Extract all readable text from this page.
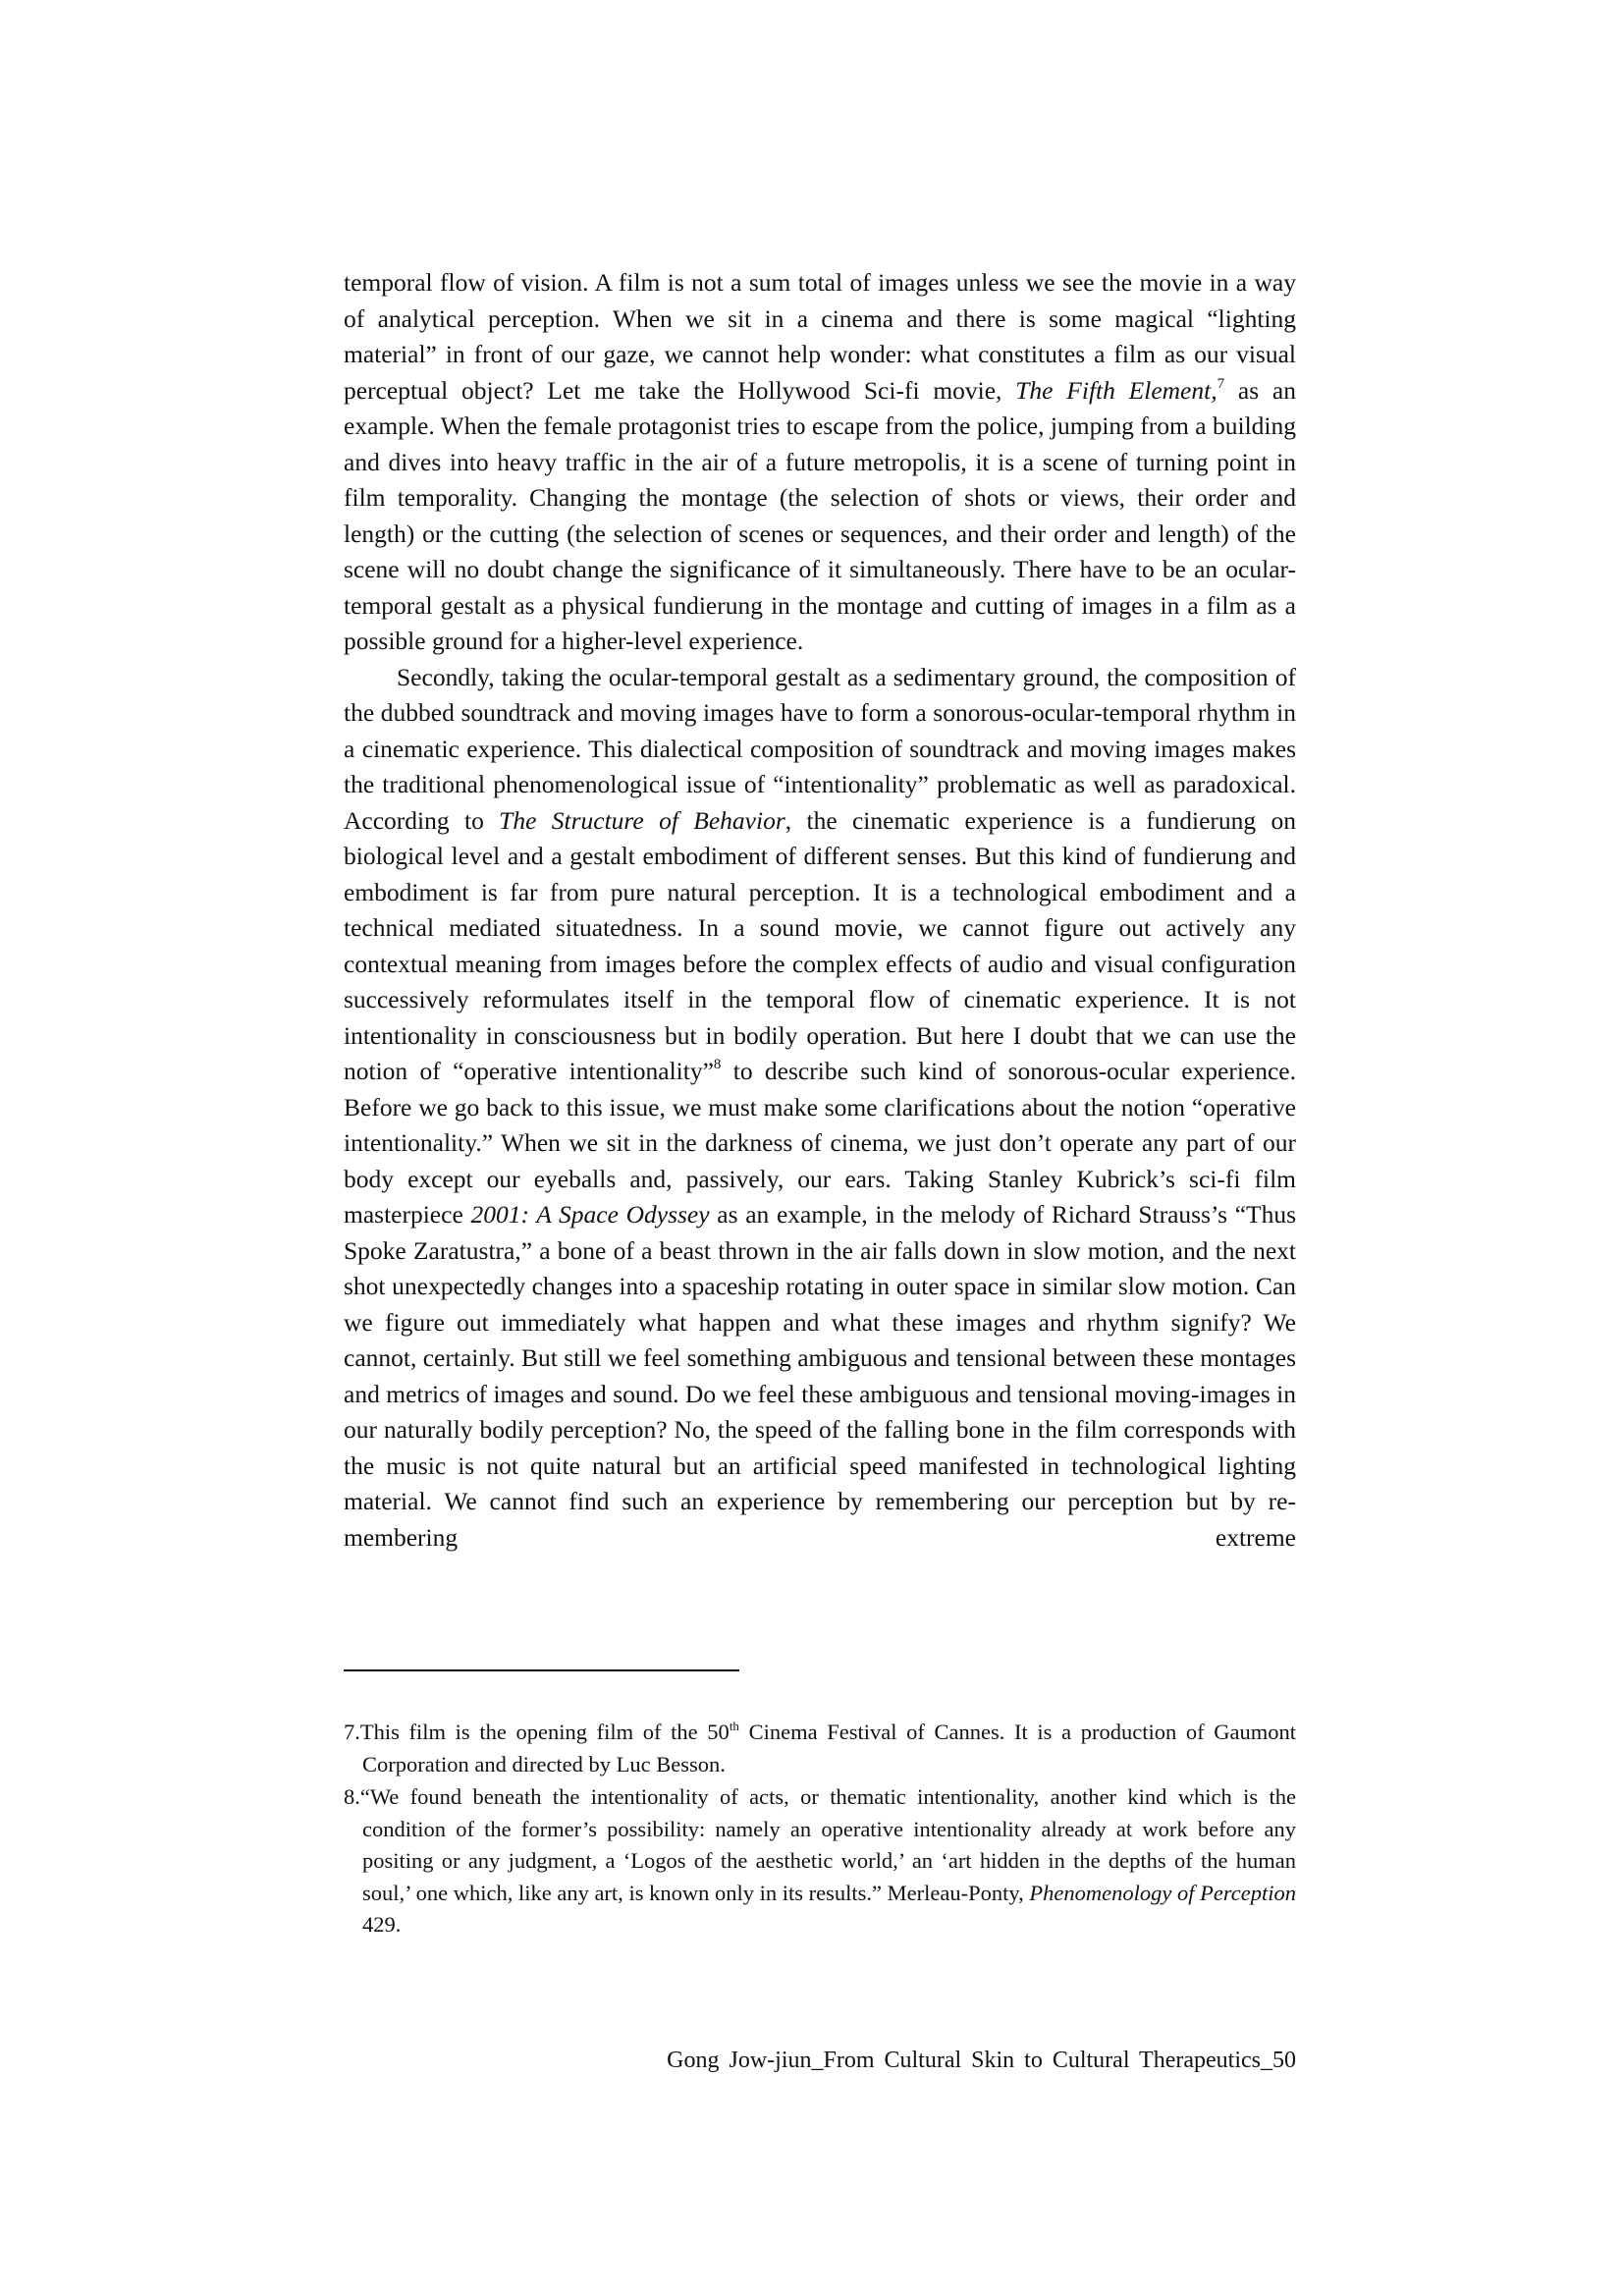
temporal flow of vision. A film is not a sum total of images unless we see the movie in a way of analytical perception. When we sit in a cinema and there is some magical “lighting material” in front of our gaze, we cannot help wonder: what constitutes a film as our visual perceptual object? Let me take the Hollywood Sci-fi movie, The Fifth Element,$^7$ as an example. When the female protagonist tries to escape from the police, jumping from a building and dives into heavy traffic in the air of a future metropolis, it is a scene of turning point in film temporality. Changing the montage (the selection of shots or views, their order and length) or the cutting (the selection of scenes or sequences, and their order and length) of the scene will no doubt change the significance of it simultaneously. There have to be an ocular-temporal gestalt as a physical fundierung in the montage and cutting of images in a film as a possible ground for a higher-level experience.

Secondly, taking the ocular-temporal gestalt as a sedimentary ground, the composition of the dubbed soundtrack and moving images have to form a sonorous-ocular-temporal rhythm in a cinematic experience. This dialectical composition of soundtrack and moving images makes the traditional phenomenological issue of “intentionality” problematic as well as paradoxical. According to The Structure of Behavior, the cinematic experience is a fundierung on biological level and a gestalt embodiment of different senses. But this kind of fundierung and embodiment is far from pure natural perception. It is a technological embodiment and a technical mediated situatedness. In a sound movie, we cannot figure out actively any contextual meaning from images before the complex effects of audio and visual configuration successively reformulates itself in the temporal flow of cinematic experience. It is not intentionality in consciousness but in bodily operation. But here I doubt that we can use the notion of “operative intentionality”$^8$ to describe such kind of sonorous-ocular experience. Before we go back to this issue, we must make some clarifications about the notion “operative intentionality.” When we sit in the darkness of cinema, we just don’t operate any part of our body except our eyeballs and, passively, our ears. Taking Stanley Kubrick’s sci-fi film masterpiece 2001: A Space Odyssey as an example, in the melody of Richard Strauss’s “Thus Spoke Zaratustra,” a bone of a beast thrown in the air falls down in slow motion, and the next shot unexpectedly changes into a spaceship rotating in outer space in similar slow motion. Can we figure out immediately what happen and what these images and rhythm signify? We cannot, certainly. But still we feel something ambiguous and tensional between these montages and metrics of images and sound. Do we feel these ambiguous and tensional moving-images in our naturally bodily perception? No, the speed of the falling bone in the film corresponds with the music is not quite natural but an artificial speed manifested in technological lighting material. We cannot find such an experience by remembering our perception but by re-membering extreme

7.This film is the opening film of the 50th Cinema Festival of Cannes. It is a production of Gaumont Corporation and directed by Luc Besson.

8.“We found beneath the intentionality of acts, or thematic intentionality, another kind which is the condition of the former’s possibility: namely an operative intentionality already at work before any positing or any judgment, a ‘Logos of the aesthetic world,’ an ‘art hidden in the depths of the human soul,’ one which, like any art, is known only in its results.” Merleau-Ponty, Phenomenology of Perception 429.

Gong Jow-jiun_From Cultural Skin to Cultural Therapeutics_50
